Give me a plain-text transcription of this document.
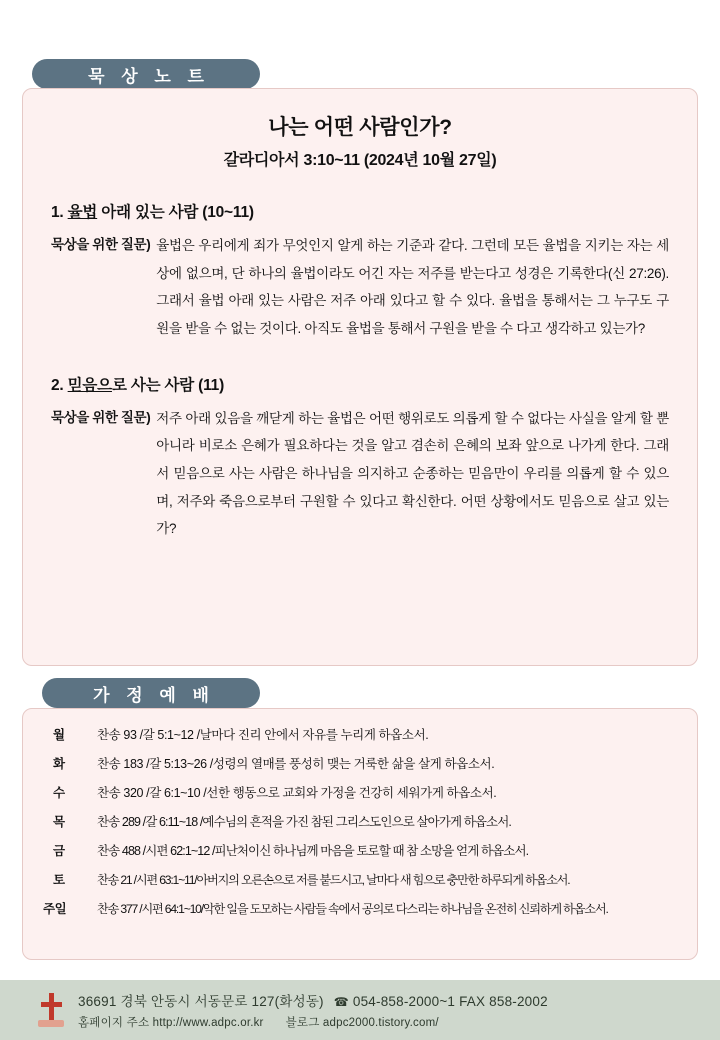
묵 상 노 트
나는 어떤 사람인가?
갈라디아서 3:10~11 (2024년 10월 27일)
1. 율법 아래 있는 사람 (10~11)
묵상을 위한 질문) 율법은 우리에게 죄가 무엇인지 알게 하는 기준과 같다. 그런데 모든 율법을 지키는 자는 세상에 없으며, 단 하나의 율법이라도 어긴 자는 저주를 받는다고 성경은 기록한다(신 27:26). 그래서 율법 아래 있는 사람은 저주 아래 있다고 할 수 있다. 율법을 통해서는 그 누구도 구원을 받을 수 없는 것이다. 아직도 율법을 통해서 구원을 받을 수 다고 생각하고 있는가?
2. 믿음으로 사는 사람 (11)
묵상을 위한 질문) 저주 아래 있음을 깨닫게 하는 율법은 어떤 행위로도 의롭게 할 수 없다는 사실을 알게 할 뿐 아니라 비로소 은혜가 필요하다는 것을 알고 겸손히 은혜의 보좌 앞으로 나가게 한다. 그래서 믿음으로 사는 사람은 하나님을 의지하고 순종하는 믿음만이 우리를 의롭게 할 수 있으며, 저주와 죽음으로부터 구원할 수 있다고 확신한다. 어떤 상황에서도 믿음으로 살고 있는가?
가 정 예 배
월	찬송 93 /갈 5:1~12 /날마다 진리 안에서 자유를 누리게 하옵소서.
화	찬송 183 /갈 5:13~26 /성령의 열매를 풍성히 맺는 거룩한 삶을 살게 하옵소서.
수	찬송 320 /갈 6:1~10 /선한 행동으로 교회와 가정을 건강히 세워가게 하옵소서.
목	찬송 289 /갈 6:11~18 /예수님의 흔적을 가진 참된 그리스도인으로 살아가게 하옵소서.
금	찬송 488 /시편 62:1~12 /피난처이신 하나님께 마음을 토로할 때 참 소망을 얻게 하옵소서.
토	찬송 21 /시편 63:1~11/아버지의 오른손으로 저를 붙드시고, 날마다 새 힘으로 충만한 하루되게 하옵소서.
주일	찬송 377 /시편 64:1~10/악한 일을 도모하는 사람들 속에서 공의로 다스리는 하나님을 온전히 신뢰하게 하옵소서.
36691 경북 안동시 서동문로 127(화성동) ☎ 054-858-2000~1 FAX 858-2002
홈페이지 주소 http://www.adpc.or.kr 블로그 adpc2000.tistory.com/
